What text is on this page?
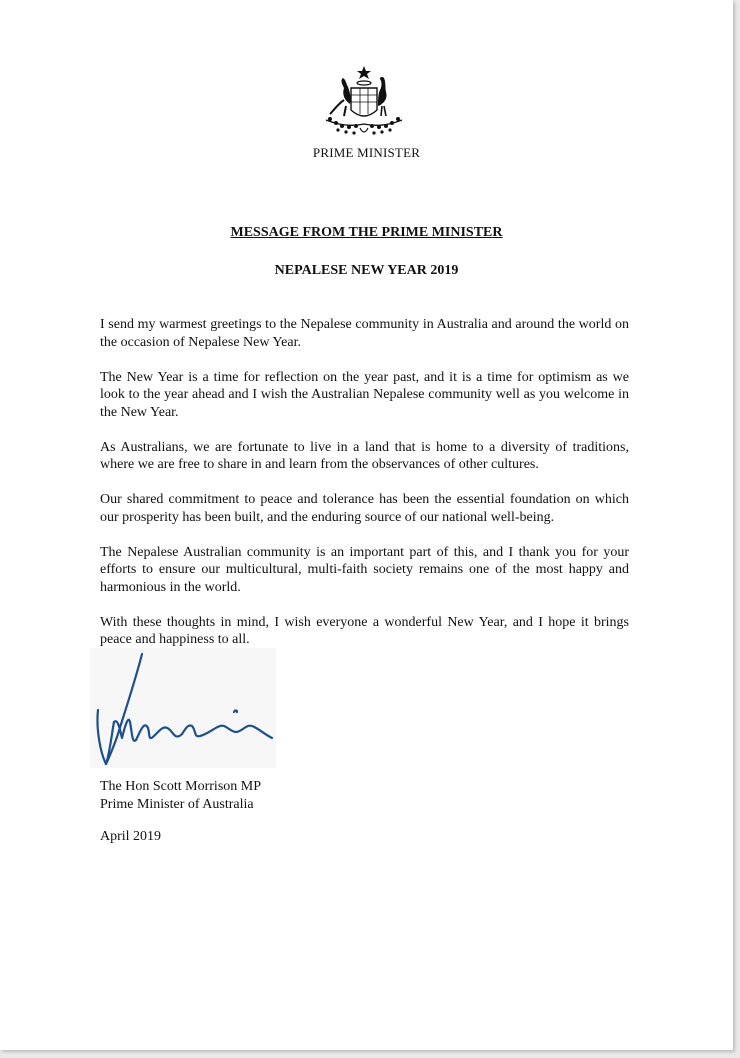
PRIME MINISTER
MESSAGE FROM THE PRIME MINISTER
NEPALESE NEW YEAR 2019

I send my warmest greetings to the Nepalese community in Australia and around the world on the occasion of Nepalese New Year.

The New Year is a time for reflection on the year past, and it is a time for optimism as we look to the year ahead and I wish the Australian Nepalese community well as you welcome in the New Year.

As Australians, we are fortunate to live in a land that is home to a diversity of traditions, where we are free to share in and learn from the observances of other cultures.

Our shared commitment to peace and tolerance has been the essential foundation on which our prosperity has been built, and the enduring source of our national well-being.

The Nepalese Australian community is an important part of this, and I thank you for your efforts to ensure our multicultural, multi-faith society remains one of the most happy and harmonious in the world.

With these thoughts in mind, I wish everyone a wonderful New Year, and I hope it brings peace and happiness to all.

The Hon Scott Morrison MP
Prime Minister of Australia
April 2019
